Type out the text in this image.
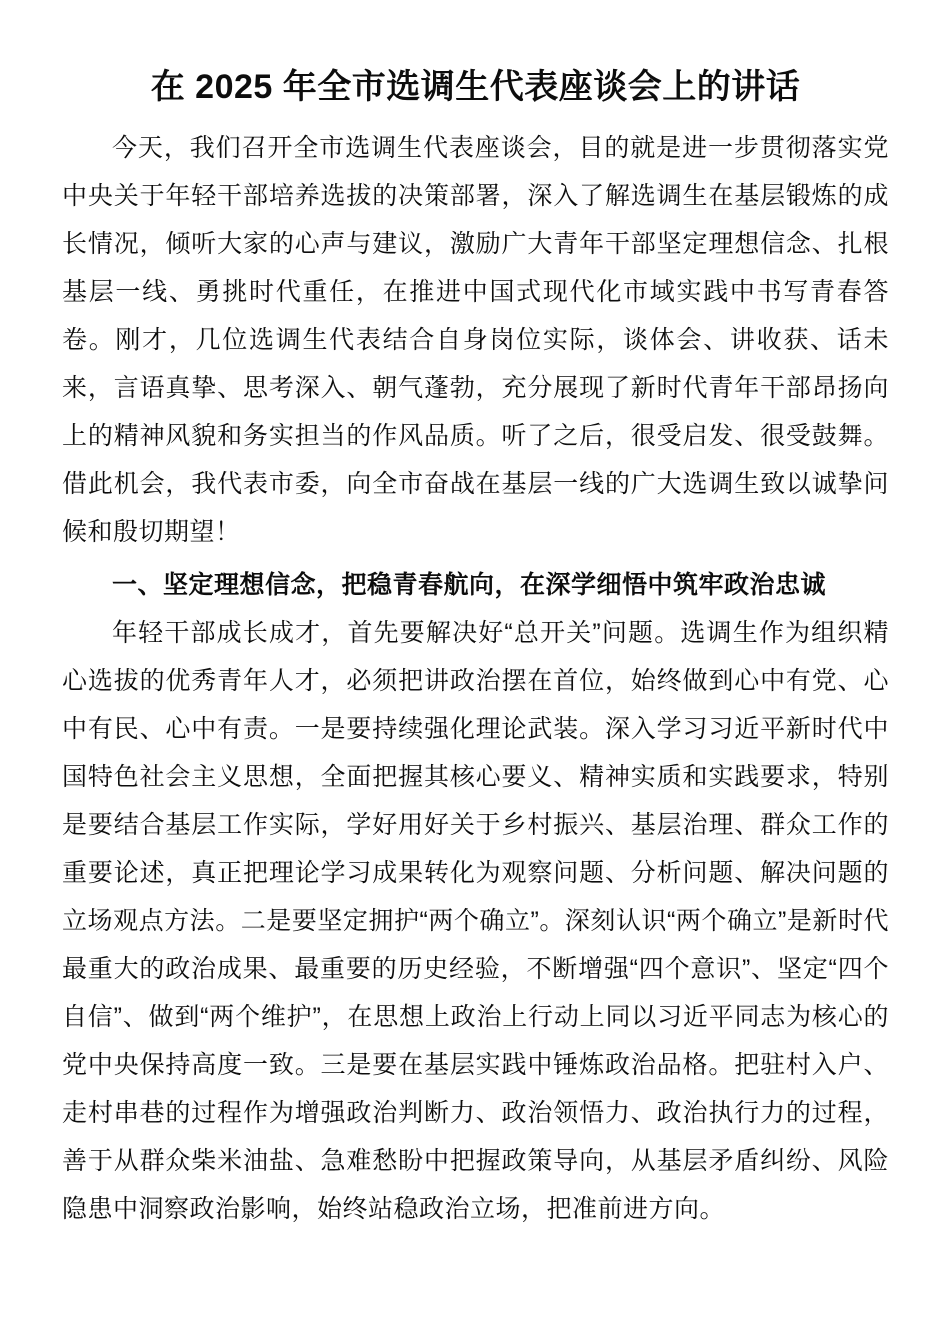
在 2025 年全市选调生代表座谈会上的讲话

今天，我们召开全市选调生代表座谈会，目的就是进一步贯彻落实党中央关于年轻干部培养选拔的决策部署，深入了解选调生在基层锻炼的成长情况，倾听大家的心声与建议，激励广大青年干部坚定理想信念、扎根基层一线、勇挑时代重任，在推进中国式现代化市域实践中书写青春答卷。刚才，几位选调生代表结合自身岗位实际，谈体会、讲收获、话未来，言语真挚、思考深入、朝气蓬勃，充分展现了新时代青年干部昂扬向上的精神风貌和务实担当的作风品质。听了之后，很受启发、很受鼓舞。借此机会，我代表市委，向全市奋战在基层一线的广大选调生致以诚挚问候和殷切期望！

一、坚定理想信念，把稳青春航向，在深学细悟中筑牢政治忠诚

年轻干部成长成才，首先要解决好“总开关”问题。选调生作为组织精心选拔的优秀青年人才，必须把讲政治摆在首位，始终做到心中有党、心中有民、心中有责。一是要持续强化理论武装。深入学习习近平新时代中国特色社会主义思想，全面把握其核心要义、精神实质和实践要求，特别是要结合基层工作实际，学好用好关于乡村振兴、基层治理、群众工作的重要论述，真正把理论学习成果转化为观察问题、分析问题、解决问题的立场观点方法。二是要坚定拥护“两个确立”。深刻认识“两个确立”是新时代最重大的政治成果、最重要的历史经验，不断增强“四个意识”、坚定“四个自信”、做到“两个维护”，在思想上政治上行动上同以习近平同志为核心的党中央保持高度一致。三是要在基层实践中锤炼政治品格。把驻村入户、走村串巷的过程作为增强政治判断力、政治领悟力、政治执行力的过程，善于从群众柴米油盐、急难愁盼中把握政策导向，从基层矛盾纠纷、风险隐患中洞察政治影响，始终站稳政治立场，把准前进方向。
